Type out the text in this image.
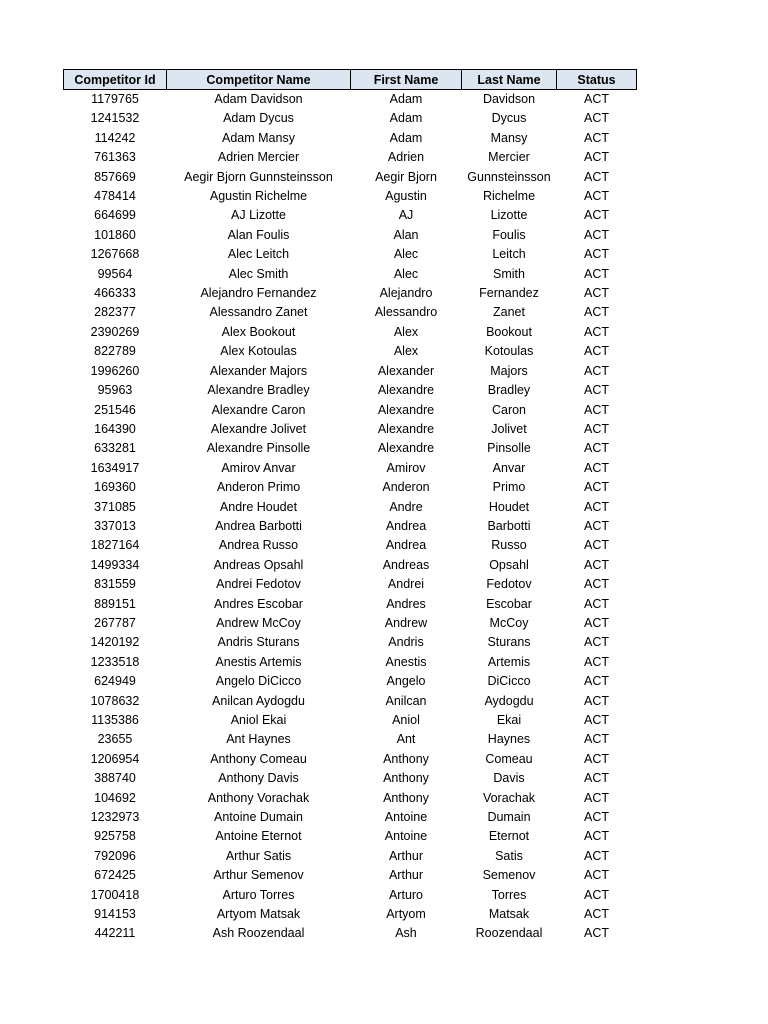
Competitor Id	Competitor Name	First Name	Last Name	Status
1179765	Adam Davidson	Adam	Davidson	ACT
1241532	Adam Dycus	Adam	Dycus	ACT
114242	Adam Mansy	Adam	Mansy	ACT
761363	Adrien Mercier	Adrien	Mercier	ACT
857669	Aegir Bjorn Gunnsteinsson	Aegir Bjorn	Gunnsteinsson	ACT
478414	Agustin Richelme	Agustin	Richelme	ACT
664699	AJ Lizotte	AJ	Lizotte	ACT
101860	Alan Foulis	Alan	Foulis	ACT
1267668	Alec Leitch	Alec	Leitch	ACT
99564	Alec Smith	Alec	Smith	ACT
466333	Alejandro Fernandez	Alejandro	Fernandez	ACT
282377	Alessandro Zanet	Alessandro	Zanet	ACT
2390269	Alex Bookout	Alex	Bookout	ACT
822789	Alex Kotoulas	Alex	Kotoulas	ACT
1996260	Alexander Majors	Alexander	Majors	ACT
95963	Alexandre Bradley	Alexandre	Bradley	ACT
251546	Alexandre Caron	Alexandre	Caron	ACT
164390	Alexandre Jolivet	Alexandre	Jolivet	ACT
633281	Alexandre Pinsolle	Alexandre	Pinsolle	ACT
1634917	Amirov Anvar	Amirov	Anvar	ACT
169360	Anderon Primo	Anderon	Primo	ACT
371085	Andre Houdet	Andre	Houdet	ACT
337013	Andrea Barbotti	Andrea	Barbotti	ACT
1827164	Andrea Russo	Andrea	Russo	ACT
1499334	Andreas Opsahl	Andreas	Opsahl	ACT
831559	Andrei Fedotov	Andrei	Fedotov	ACT
889151	Andres Escobar	Andres	Escobar	ACT
267787	Andrew McCoy	Andrew	McCoy	ACT
1420192	Andris Sturans	Andris	Sturans	ACT
1233518	Anestis Artemis	Anestis	Artemis	ACT
624949	Angelo DiCicco	Angelo	DiCicco	ACT
1078632	Anilcan Aydogdu	Anilcan	Aydogdu	ACT
1135386	Aniol Ekai	Aniol	Ekai	ACT
23655	Ant Haynes	Ant	Haynes	ACT
1206954	Anthony Comeau	Anthony	Comeau	ACT
388740	Anthony Davis	Anthony	Davis	ACT
104692	Anthony Vorachak	Anthony	Vorachak	ACT
1232973	Antoine Dumain	Antoine	Dumain	ACT
925758	Antoine Eternot	Antoine	Eternot	ACT
792096	Arthur Satis	Arthur	Satis	ACT
672425	Arthur Semenov	Arthur	Semenov	ACT
1700418	Arturo Torres	Arturo	Torres	ACT
914153	Artyom Matsak	Artyom	Matsak	ACT
442211	Ash Roozendaal	Ash	Roozendaal	ACT
